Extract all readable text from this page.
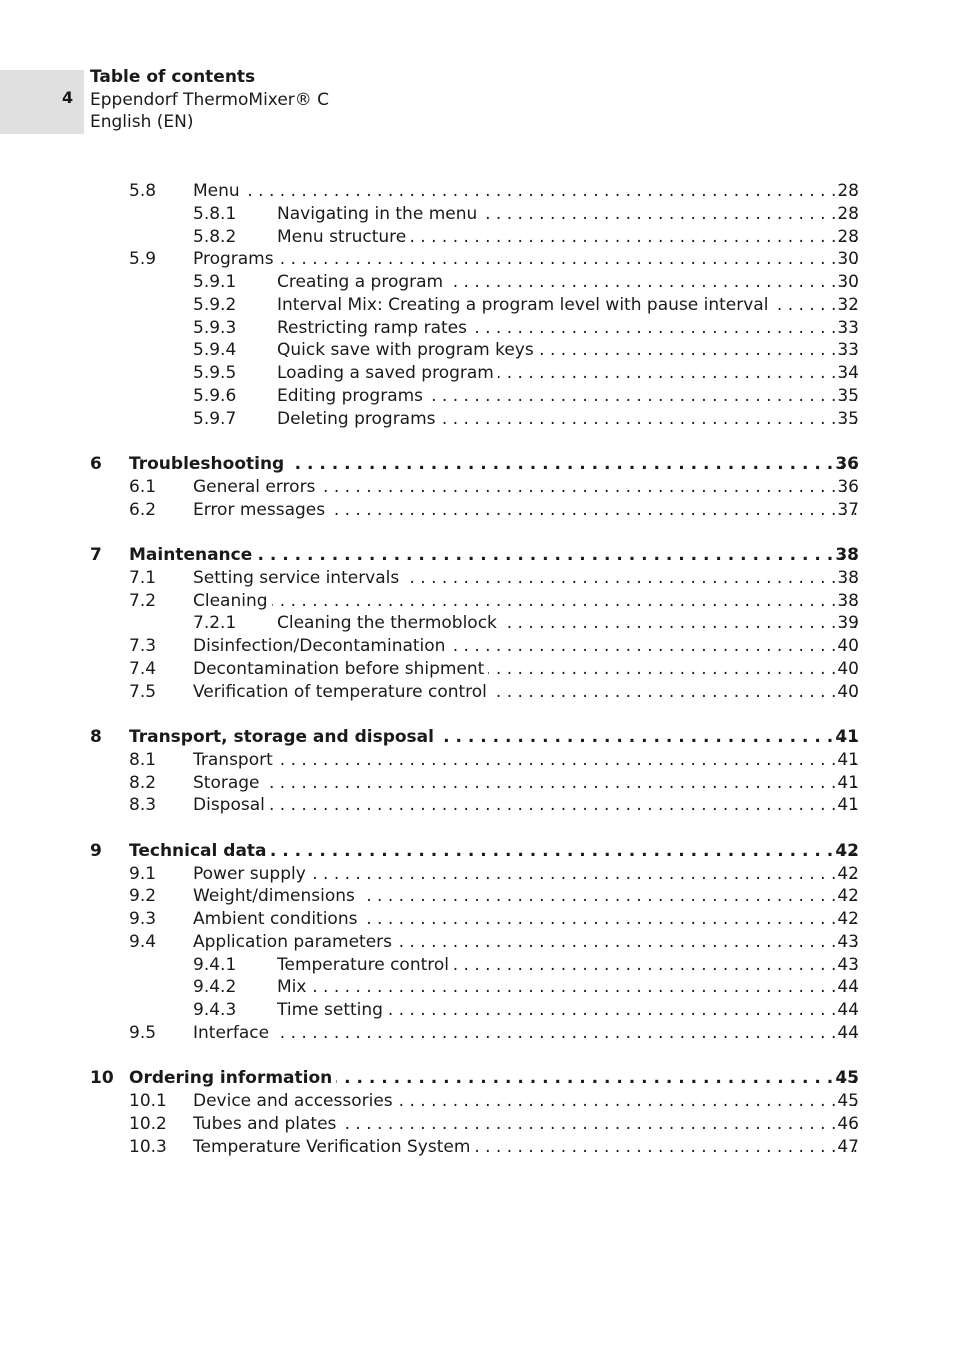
4
Table of contents
Eppendorf ThermoMixer® C
English (EN)
5.8 Menu . . .	28
5.8.1 Navigating in the menu . . .	28
5.8.2 Menu structure . . .	28
5.9 Programs . . .	30
5.9.1 Creating a program . . .	30
5.9.2 Interval Mix: Creating a program level with pause interval . . .	32
5.9.3 Restricting ramp rates . . .	33
5.9.4 Quick save with program keys . . .	33
5.9.5 Loading a saved program . . .	34
5.9.6 Editing programs . . .	35
5.9.7 Deleting programs . . .	35
6 Troubleshooting . . .	36
6.1 General errors . . .	36
6.2 Error messages . . .	37
7 Maintenance . . .	38
7.1 Setting service intervals . . .	38
7.2 Cleaning . . .	38
7.2.1 Cleaning the thermoblock . . .	39
7.3 Disinfection/Decontamination . . .	40
7.4 Decontamination before shipment . . .	40
7.5 Verification of temperature control . . .	40
8 Transport, storage and disposal . . .	41
8.1 Transport . . .	41
8.2 Storage . . .	41
8.3 Disposal . . .	41
9 Technical data . . .	42
9.1 Power supply . . .	42
9.2 Weight/dimensions . . .	42
9.3 Ambient conditions . . .	42
9.4 Application parameters . . .	43
9.4.1 Temperature control . . .	43
9.4.2 Mix . . .	44
9.4.3 Time setting . . .	44
9.5 Interface . . .	44
10 Ordering information . . .	45
10.1 Device and accessories . . .	45
10.2 Tubes and plates . . .	46
10.3 Temperature Verification System . . .	47
